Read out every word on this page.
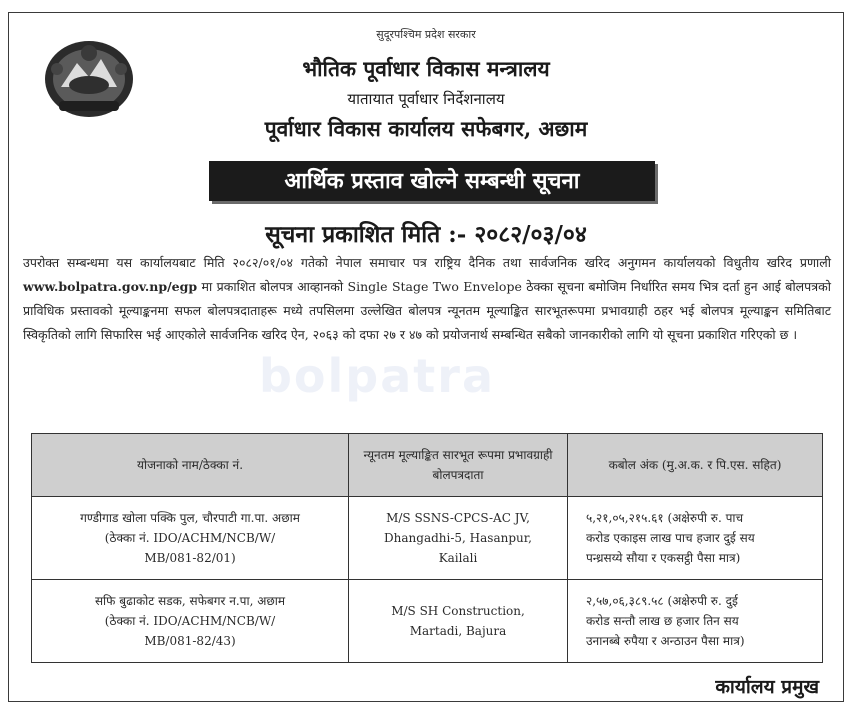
सुदूरपश्चिम प्रदेश सरकार
भौतिक पूर्वाधार विकास मन्त्रालय
यातायात पूर्वाधार निर्देशनालय
पूर्वाधार विकास कार्यालय सफेबगर, अछाम
आर्थिक प्रस्ताव खोल्ने सम्बन्धी सूचना
सूचना प्रकाशित मिति :- २०८२/०३/०४
bolpatra
उपरोक्त सम्बन्धमा यस कार्यालयबाट मिति २०८२/०१/०४ गतेको नेपाल समाचार पत्र राष्ट्रिय दैनिक तथा सार्वजनिक खरिद अनुगमन कार्यालयको विधुतीय खरिद प्रणाली www.bolpatra.gov.np/egp मा प्रकाशित बोलपत्र आव्हानको Single Stage Two Envelope ठेक्का सूचना बमोजिम निर्धारित समय भित्र दर्ता हुन आई बोलपत्रको प्राविधिक प्रस्तावको मूल्याङ्कनमा सफल बोलपत्रदाताहरू मध्ये तपसिलमा उल्लेखित बोलपत्र न्यूनतम मूल्याङ्कित सारभूतरूपमा प्रभावग्राही ठहर भई बोलपत्र मूल्याङ्कन समितिबाट स्विकृतिको लागि सिफारिस भई आएकोले सार्वजनिक खरिद ऐन, २०६३ को दफा २७ र ४७ को प्रयोजनार्थ सम्बन्धित सबैको जानकारीको लागि यो सूचना प्रकाशित गरिएको छ ।
योजनाको नाम/ठेक्का नं.	न्यूनतम मूल्याङ्कित सारभूत रूपमा प्रभावग्राही बोलपत्रदाता	कबोल अंक (मु.अ.क. र पि.एस. सहित)

गण्डीगाड खोला पक्कि पुल, चौरपाटी गा.पा. अछाम
(ठेक्का नं. IDO/ACHM/NCB/W/
MB/081-82/01)	M/S SSNS-CPCS-AC JV,
Dhangadhi-5, Hasanpur,
Kailali	५,२१,०५,२१५.६१ (अक्षेरुपी रु. पाच
करोड एकाइस लाख पाच हजार दुई सय
पन्ध्रसय्ये सौया र एकसट्ठी पैसा मात्र)

सफि बुढाकोट सडक, सफेबगर न.पा, अछाम
(ठेक्का नं. IDO/ACHM/NCB/W/
MB/081-82/43)	M/S SH Construction,
Martadi, Bajura	२,५७,०६,३८९.५८ (अक्षेरुपी रु. दुई
करोड सन्तौ लाख छ हजार तिन सय
उनानब्बे रुपैया र अन्ठाउन पैसा मात्र)
कार्यालय प्रमुख
